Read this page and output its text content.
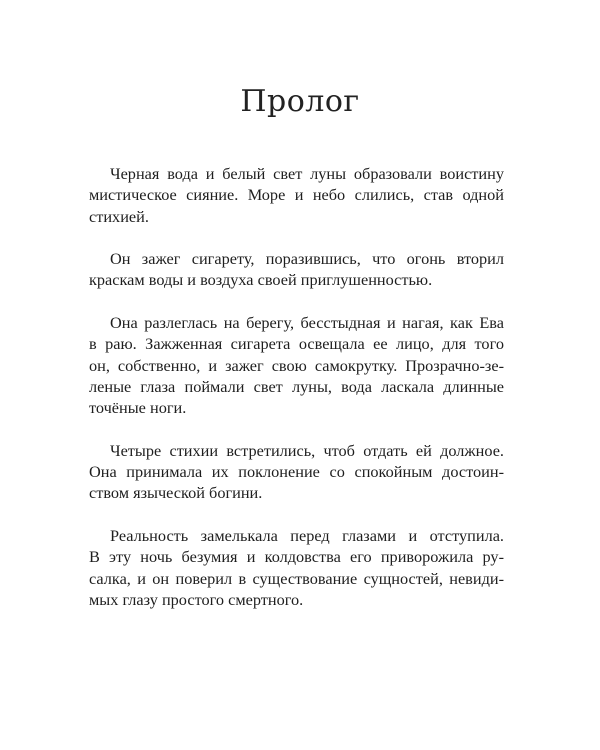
Пролог

Черная вода и белый свет луны образовали воистину
мистическое сияние. Море и небо слились, став одной
стихией.

Он зажег сигарету, поразившись, что огонь вторил
краскам воды и воздуха своей приглушенностью.

Она разлеглась на берегу, бесстыдная и нагая, как Ева
в раю. Зажженная сигарета освещала ее лицо, для того
он, собственно, и зажег свою самокрутку. Прозрачно-зе-
леные глаза поймали свет луны, вода ласкала длинные
точёные ноги.

Четыре стихии встретились, чтоб отдать ей должное.
Она принимала их поклонение со спокойным достоин-
ством языческой богини.

Реальность замелькала перед глазами и отступила.
В эту ночь безумия и колдовства его приворожила ру-
салка, и он поверил в существование сущностей, невиди-
мых глазу простого смертного.
